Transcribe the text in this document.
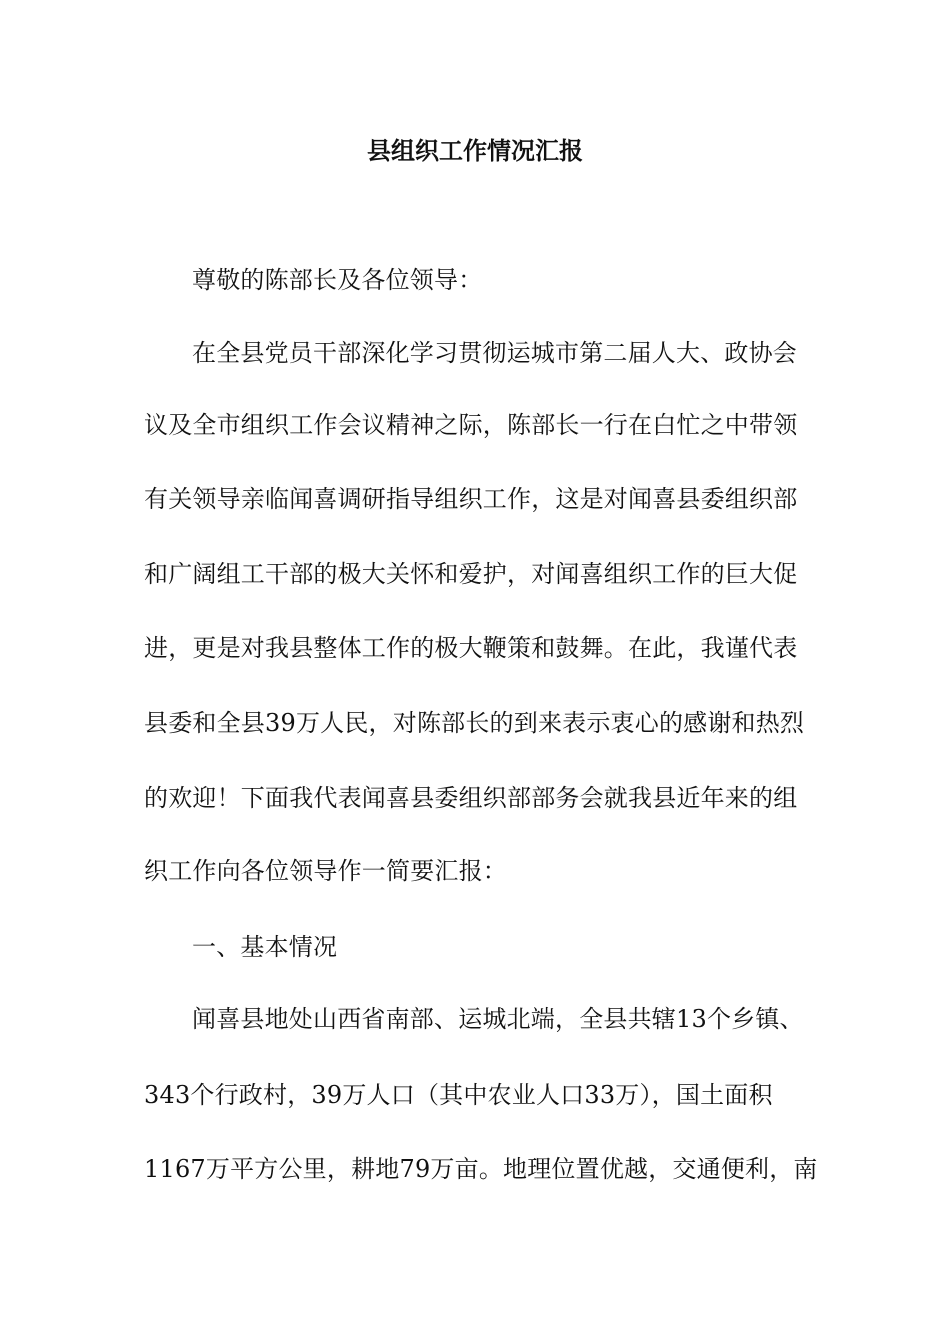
县组织工作情况汇报
尊敬的陈部长及各位领导：
在全县党员干部深化学习贯彻运城市第二届人大、政协会
议及全市组织工作会议精神之际，陈部长一行在白忙之中带领
有关领导亲临闻喜调研指导组织工作，这是对闻喜县委组织部
和广阔组工干部的极大关怀和爱护，对闻喜组织工作的巨大促
进，更是对我县整体工作的极大鞭策和鼓舞。在此，我谨代表
县委和全县39万人民，对陈部长的到来表示衷心的感谢和热烈
的欢迎！下面我代表闻喜县委组织部部务会就我县近年来的组
织工作向各位领导作一简要汇报：
一、基本情况
闻喜县地处山西省南部、运城北端，全县共辖13个乡镇、
343个行政村，39万人口（其中农业人口33万），国土面积
1167万平方公里，耕地79万亩。地理位置优越，交通便利，南
